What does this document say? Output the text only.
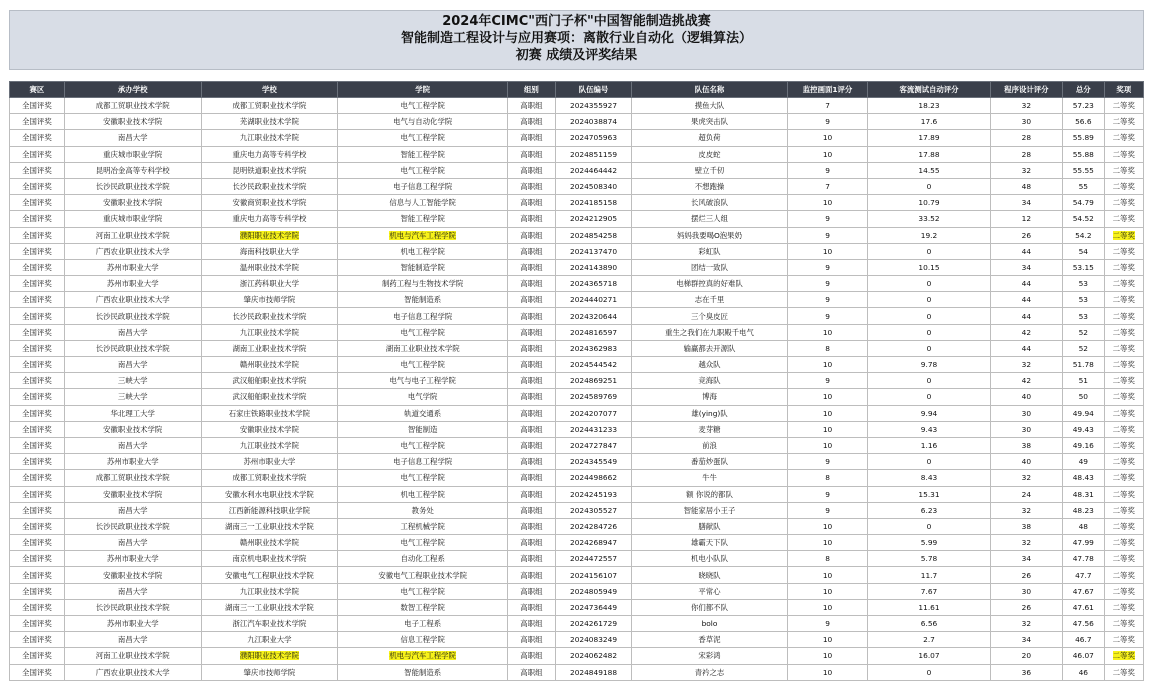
2024年CIMC"西门子杯"中国智能制造挑战赛
智能制造工程设计与应用赛项：离散行业自动化（逻辑算法）
初赛 成绩及评奖结果
赛区	承办学校	学校	学院	组别	队伍编号	队伍名称	监控画面1评分	客流测试自动评分	程序设计评分	总分	奖项
全国评奖	成都工贸职业技术学院	成都工贸职业技术学院	电气工程学院	高职组	2024355927	摸鱼大队	7	18.23	32	57.23	二等奖
全国评奖	安徽职业技术学院	芜湖职业技术学院	电气与自动化学院	高职组	2024038874	果虎突击队	9	17.6	30	56.6	二等奖
全国评奖	南昌大学	九江职业技术学院	电气工程学院	高职组	2024705963	超负荷	10	17.89	28	55.89	二等奖
全国评奖	重庆城市职业学院	重庆电力高等专科学校	智能工程学院	高职组	2024851159	皮皮蛇	10	17.88	28	55.88	二等奖
全国评奖	昆明冶金高等专科学校	昆明铁道职业技术学院	电气工程学院	高职组	2024464442	壁立千仞	9	14.55	32	55.55	二等奖
全国评奖	长沙民政职业技术学院	长沙民政职业技术学院	电子信息工程学院	高职组	2024508340	不想跑操	7	0	48	55	二等奖
全国评奖	安徽职业技术学院	安徽商贸职业技术学院	信息与人工智能学院	高职组	2024185158	长风破浪队	10	10.79	34	54.79	二等奖
全国评奖	重庆城市职业学院	重庆电力高等专科学校	智能工程学院	高职组	2024212905	摆烂三人组	9	33.52	12	54.52	二等奖
全国评奖	河南工业职业技术学院	濮阳职业技术学院	机电与汽车工程学院	高职组	2024854258	妈妈我要喝O泡果奶	9	19.2	26	54.2	二等奖
全国评奖	广西农业职业技术大学	海南科技职业大学	机电工程学院	高职组	2024137470	彩虹队	10	0	44	54	二等奖
全国评奖	苏州市职业大学	温州职业技术学院	智能制造学院	高职组	2024143890	团结一致队	9	10.15	34	53.15	二等奖
全国评奖	苏州市职业大学	浙江药科职业大学	制药工程与生物技术学院	高职组	2024365718	电梯群控真的好难队	9	0	44	53	二等奖
全国评奖	广西农业职业技术大学	肇庆市技师学院	智能制造系	高职组	2024440271	志在千里	9	0	44	53	二等奖
全国评奖	长沙民政职业技术学院	长沙民政职业技术学院	电子信息工程学院	高职组	2024320644	三个臭皮匠	9	0	44	53	二等奖
全国评奖	南昌大学	九江职业技术学院	电气工程学院	高职组	2024816597	重生之我们在九职殿千电气	10	0	42	52	二等奖
全国评奖	长沙民政职业技术学院	湖南工业职业技术学院	湖南工业职业技术学院	高职组	2024362983	输赢都去开源队	8	0	44	52	二等奖
全国评奖	南昌大学	赣州职业技术学院	电气工程学院	高职组	2024544542	越众队	10	9.78	32	51.78	二等奖
全国评奖	三峡大学	武汉船舶职业技术学院	电气与电子工程学院	高职组	2024869251	竞海队	9	0	42	51	二等奖
全国评奖	三峡大学	武汉船舶职业技术学院	电气学院	高职组	2024589769	博海	10	0	40	50	二等奖
全国评奖	华北理工大学	石家庄铁路职业技术学院	轨道交通系	高职组	2024207077	雄(ying)队	10	9.94	30	49.94	二等奖
全国评奖	安徽职业技术学院	安徽职业技术学院	智能制造	高职组	2024431233	麦芽糖	10	9.43	30	49.43	二等奖
全国评奖	南昌大学	九江职业技术学院	电气工程学院	高职组	2024727847	前浪	10	1.16	38	49.16	二等奖
全国评奖	苏州市职业大学	苏州市职业大学	电子信息工程学院	高职组	2024345549	番茄炒蛋队	9	0	40	49	二等奖
全国评奖	成都工贸职业技术学院	成都工贸职业技术学院	电气工程学院	高职组	2024498662	牛牛	8	8.43	32	48.43	二等奖
全国评奖	安徽职业技术学院	安徽水利水电职业技术学院	机电工程学院	高职组	2024245193	额 你说的都队	9	15.31	24	48.31	二等奖
全国评奖	南昌大学	江西新能源科技职业学院	教务处	高职组	2024305527	智能家居小王子	9	6.23	32	48.23	二等奖
全国评奖	长沙民政职业技术学院	湖南三一工业职业技术学院	工程机械学院	高职组	2024284726	膳献队	10	0	38	48	二等奖
全国评奖	南昌大学	赣州职业技术学院	电气工程学院	高职组	2024268947	雄霸天下队	10	5.99	32	47.99	二等奖
全国评奖	苏州市职业大学	南京机电职业技术学院	自动化工程系	高职组	2024472557	机电小队队	8	5.78	34	47.78	二等奖
全国评奖	安徽职业技术学院	安徽电气工程职业技术学院	安徽电气工程职业技术学院	高职组	2024156107	晓晓队	10	11.7	26	47.7	二等奖
全国评奖	南昌大学	九江职业技术学院	电气工程学院	高职组	2024805949	平常心	10	7.67	30	47.67	二等奖
全国评奖	长沙民政职业技术学院	湖南三一工业职业技术学院	数智工程学院	高职组	2024736449	你们都不队	10	11.61	26	47.61	二等奖
全国评奖	苏州市职业大学	浙江汽车职业技术学院	电子工程系	高职组	2024261729	bolo	9	6.56	32	47.56	二等奖
全国评奖	南昌大学	九江职业大学	信息工程学院	高职组	2024083249	香草泥	10	2.7	34	46.7	二等奖
全国评奖	河南工业职业技术学院	濮阳职业技术学院	机电与汽车工程学院	高职组	2024062482	宋彩鸿	10	16.07	20	46.07	二等奖
全国评奖	广西农业职业技术大学	肇庆市技师学院	智能制造系	高职组	2024849188	青衿之志	10	0	36	46	二等奖
